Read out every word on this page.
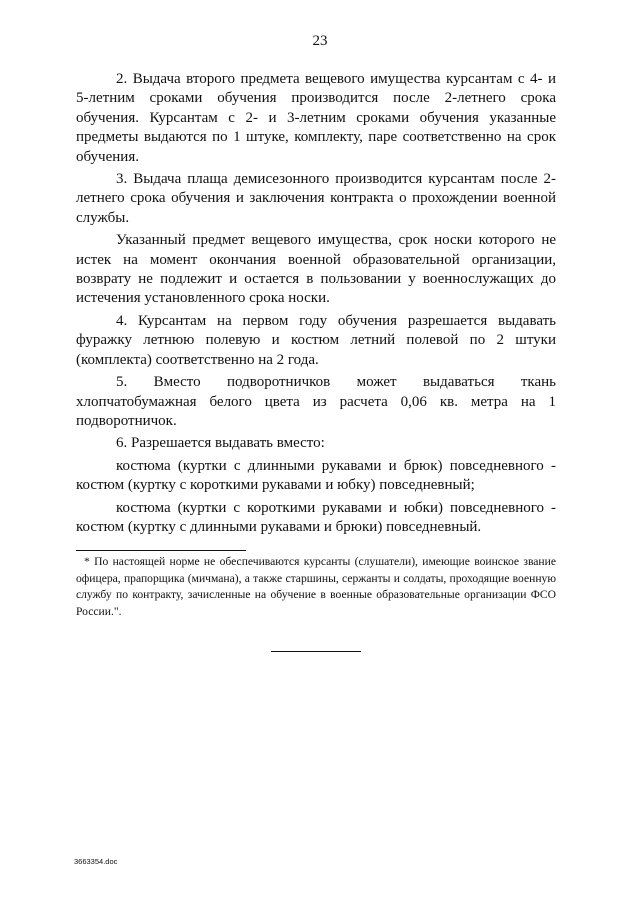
23

2. Выдача второго предмета вещевого имущества курсантам с 4- и 5-летним сроками обучения производится после 2-летнего срока обучения. Курсантам с 2- и 3-летним сроками обучения указанные предметы выдаются по 1 штуке, комплекту, паре соответственно на срок обучения.

3. Выдача плаща демисезонного производится курсантам после 2-летнего срока обучения и заключения контракта о прохождении военной службы.

Указанный предмет вещевого имущества, срок носки которого не истек на момент окончания военной образовательной организации, возврату не подлежит и остается в пользовании у военнослужащих до истечения установленного срока носки.

4. Курсантам на первом году обучения разрешается выдавать фуражку летнюю полевую и костюм летний полевой по 2 штуки (комплекта) соответственно на 2 года.

5. Вместо подворотничков может выдаваться ткань хлопчатобумажная белого цвета из расчета 0,06 кв. метра на 1 подворотничок.

6. Разрешается выдавать вместо:

костюма (куртки с длинными рукавами и брюк) повседневного - костюм (куртку с короткими рукавами и юбку) повседневный;

костюма (куртки с короткими рукавами и юбки) повседневного - костюм (куртку с длинными рукавами и брюки) повседневный.

* По настоящей норме не обеспечиваются курсанты (слушатели), имеющие воинское звание офицера, прапорщика (мичмана), а также старшины, сержанты и солдаты, проходящие военную службу по контракту, зачисленные на обучение в военные образовательные организации ФСО России.".

3663354.doc
